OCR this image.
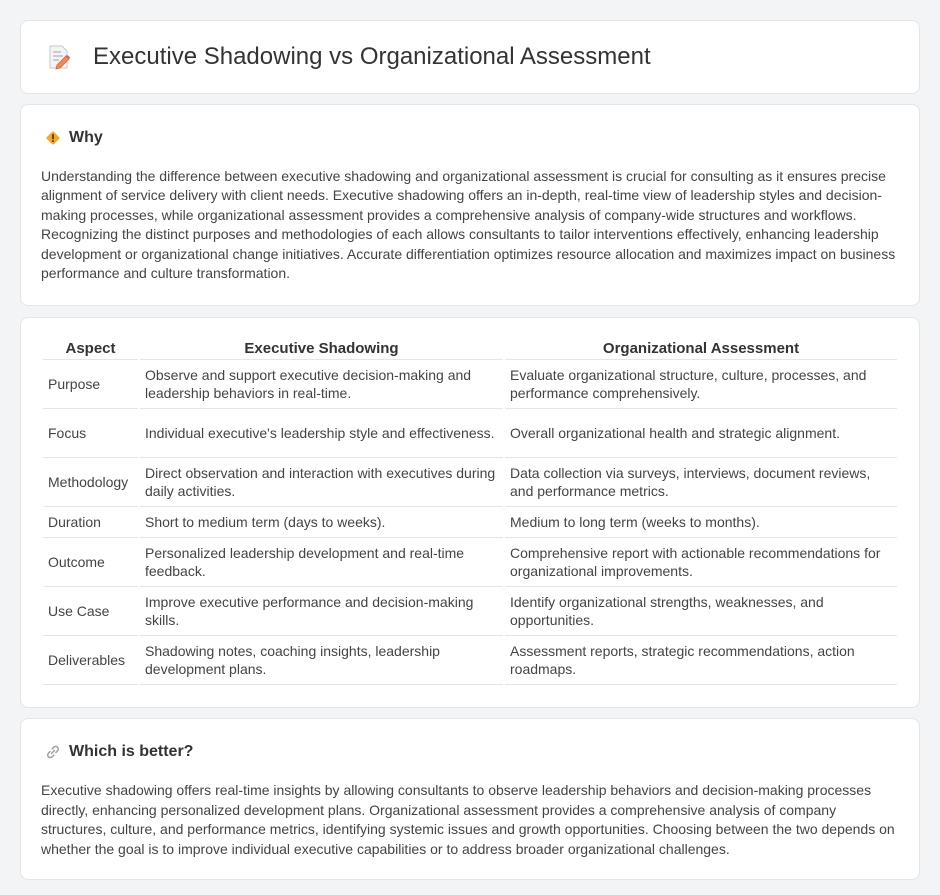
Executive Shadowing vs Organizational Assessment
Why

Understanding the difference between executive shadowing and organizational assessment is crucial for consulting as it ensures precise alignment of service delivery with client needs. Executive shadowing offers an in-depth, real-time view of leadership styles and decision-making processes, while organizational assessment provides a comprehensive analysis of company-wide structures and workflows. Recognizing the distinct purposes and methodologies of each allows consultants to tailor interventions effectively, enhancing leadership development or organizational change initiatives. Accurate differentiation optimizes resource allocation and maximizes impact on business performance and culture transformation.

Aspect	Executive Shadowing	Organizational Assessment
Purpose	Observe and support executive decision-making and leadership behaviors in real-time.	Evaluate organizational structure, culture, processes, and performance comprehensively.
Focus	Individual executive's leadership style and effectiveness.	Overall organizational health and strategic alignment.
Methodology	Direct observation and interaction with executives during daily activities.	Data collection via surveys, interviews, document reviews, and performance metrics.
Duration	Short to medium term (days to weeks).	Medium to long term (weeks to months).
Outcome	Personalized leadership development and real-time feedback.	Comprehensive report with actionable recommendations for organizational improvements.
Use Case	Improve executive performance and decision-making skills.	Identify organizational strengths, weaknesses, and opportunities.
Deliverables	Shadowing notes, coaching insights, leadership development plans.	Assessment reports, strategic recommendations, action roadmaps.
Which is better?

Executive shadowing offers real-time insights by allowing consultants to observe leadership behaviors and decision-making processes directly, enhancing personalized development plans. Organizational assessment provides a comprehensive analysis of company structures, culture, and performance metrics, identifying systemic issues and growth opportunities. Choosing between the two depends on whether the goal is to improve individual executive capabilities or to address broader organizational challenges.
